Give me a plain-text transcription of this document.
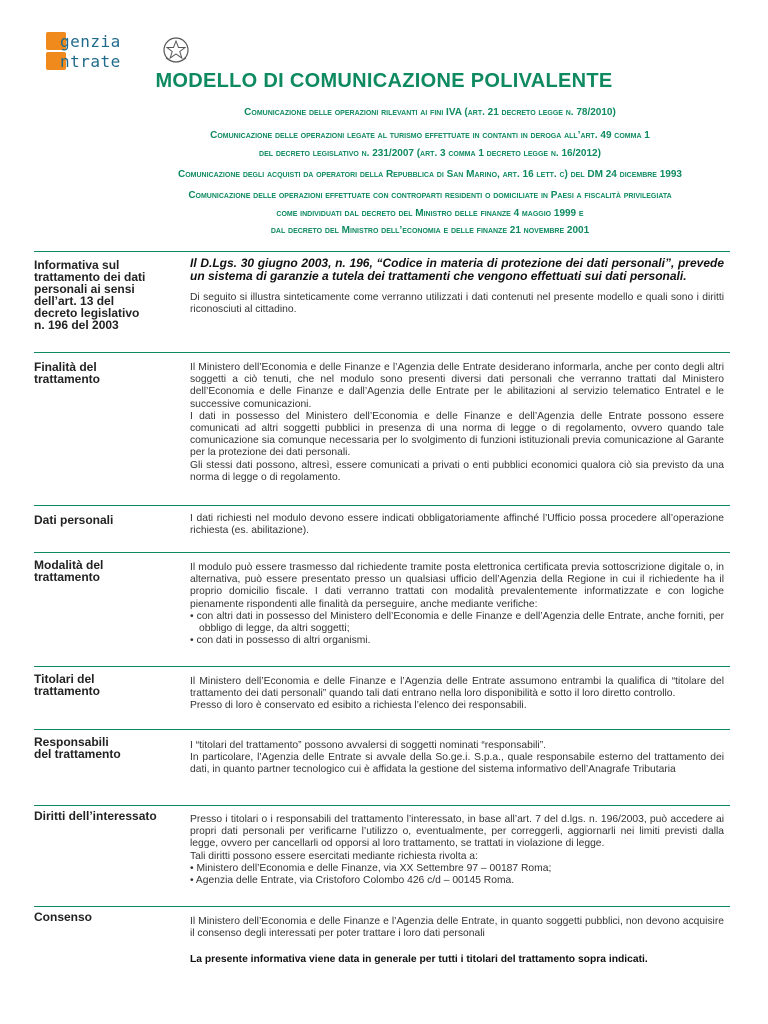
genzia
ntrate
MODELLO DI COMUNICAZIONE POLIVALENTE
Comunicazione delle operazioni rilevanti ai fini IVA (art. 21 decreto legge n. 78/2010)
Comunicazione delle operazioni legate al turismo effettuate in contanti in deroga all’art. 49 comma 1
del decreto legislativo n. 231/2007 (art. 3 comma 1 decreto legge n. 16/2012)
Comunicazione degli acquisti da operatori della Repubblica di San Marino, art. 16 lett. c) del DM 24 dicembre 1993
Comunicazione delle operazioni effettuate con controparti residenti o domiciliate in Paesi a fiscalità privilegiata
come individuati dal decreto del Ministro delle finanze 4 maggio 1999 e
dal decreto del Ministro dell’economia e delle finanze 21 novembre 2001
Informativa sul trattamento dei dati personali ai sensi dell’art. 13 del decreto legislativo n. 196 del 2003

Il D.Lgs. 30 giugno 2003, n. 196, “Codice in materia di protezione dei dati personali”, prevede un sistema di garanzie a tutela dei trattamenti che vengono effettuati sui dati personali.

Di seguito si illustra sinteticamente come verranno utilizzati i dati contenuti nel presente modello e quali sono i diritti riconosciuti al cittadino.

Finalità del trattamento

Il Ministero dell’Economia e delle Finanze e l’Agenzia delle Entrate desiderano informarla, anche per conto degli altri soggetti a ciò tenuti, che nel modulo sono presenti diversi dati personali che verranno trattati dal Ministero dell’Economia e delle Finanze e dall’Agenzia delle Entrate per le abilitazioni al servizio telematico Entratel e le successive comunicazioni.

I dati in possesso del Ministero dell’Economia e delle Finanze e dell’Agenzia delle Entrate possono essere comunicati ad altri soggetti pubblici in presenza di una norma di legge o di regolamento, ovvero quando tale comunicazione sia comunque necessaria per lo svolgimento di funzioni istituzionali previa comunicazione al Garante per la protezione dei dati personali.

Gli stessi dati possono, altresì, essere comunicati a privati o enti pubblici economici qualora ciò sia previsto da una norma di legge o di regolamento.

Dati personali	I dati richiesti nel modulo devono essere indicati obbligatoriamente affinché l’Ufficio possa procedere all’operazione richiesta (es. abilitazione).

Modalità del trattamento

Il modulo può essere trasmesso dal richiedente tramite posta elettronica certificata previa sottoscrizione digitale o, in alternativa, può essere presentato presso un qualsiasi ufficio dell’Agenzia della Regione in cui il richiedente ha il proprio domicilio fiscale. I dati verranno trattati con modalità prevalentemente informatizzate e con logiche pienamente rispondenti alle finalità da perseguire, anche mediante verifiche:

• con altri dati in possesso del Ministero dell’Economia e delle Finanze e dell’Agenzia delle Entrate, anche forniti, per obbligo di legge, da altri soggetti;

• con dati in possesso di altri organismi.

Titolari del trattamento

Il Ministero dell’Economia e delle Finanze e l’Agenzia delle Entrate assumono entrambi la qualifica di “titolare del trattamento dei dati personali” quando tali dati entrano nella loro disponibilità e sotto il loro diretto controllo.

Presso di loro è conservato ed esibito a richiesta l’elenco dei responsabili.

Responsabili del trattamento

I “titolari del trattamento” possono avvalersi di soggetti nominati “responsabili”.

In particolare, l’Agenzia delle Entrate si avvale della So.ge.i. S.p.a., quale responsabile esterno del trattamento dei dati, in quanto partner tecnologico cui è affidata la gestione del sistema informativo dell’Anagrafe Tributaria

Diritti dell’interessato	Presso i titolari o i responsabili del trattamento l’interessato, in base all’art. 7 del d.lgs. n. 196/2003, può accedere ai propri dati personali per verificarne l’utilizzo o, eventualmente, per correggerli, aggiornarli nei limiti previsti dalla legge, ovvero per cancellarli od opporsi al loro trattamento, se trattati in violazione di legge.

Tali diritti possono essere esercitati mediante richiesta rivolta a:

• Ministero dell’Economia e delle Finanze, via XX Settembre 97 – 00187 Roma;

• Agenzia delle Entrate, via Cristoforo Colombo 426 c/d – 00145 Roma.

Consenso	Il Ministero dell’Economia e delle Finanze e l’Agenzia delle Entrate, in quanto soggetti pubblici, non devono acquisire il consenso degli interessati per poter trattare i loro dati personali

La presente informativa viene data in generale per tutti i titolari del trattamento sopra indicati.
